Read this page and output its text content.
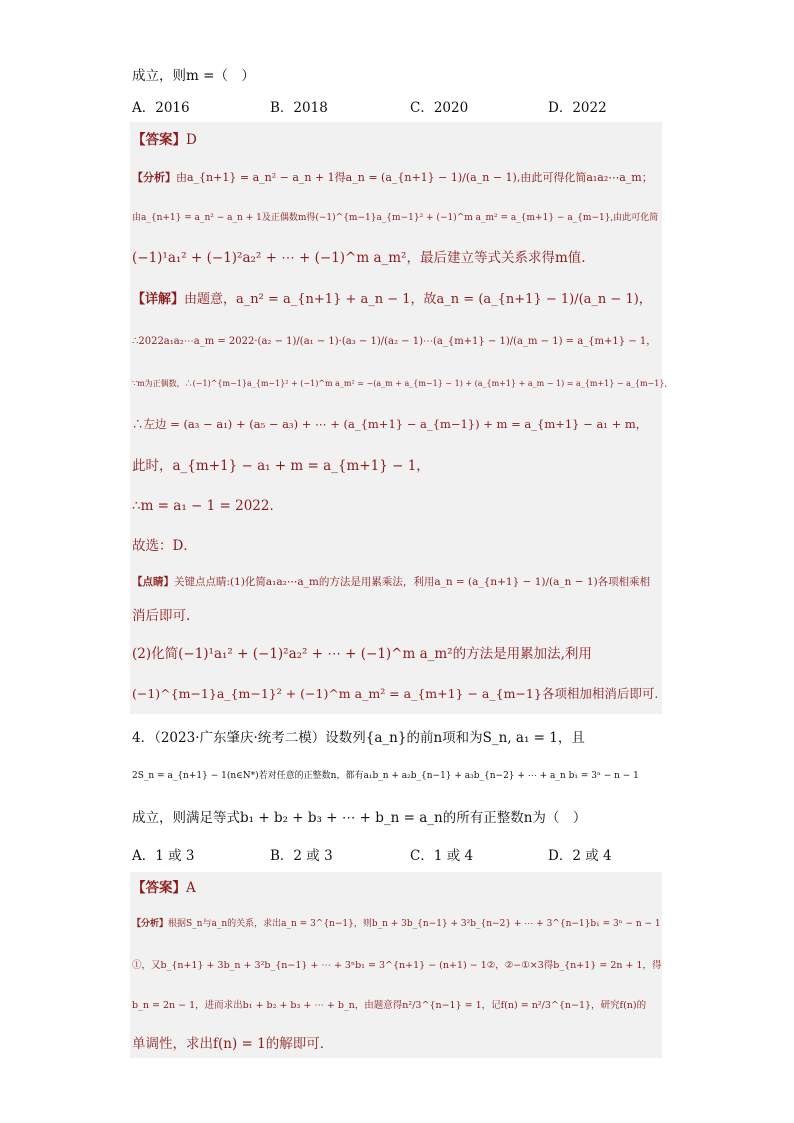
成立，则m =（　）
A．2016	B．2018	C．2020	D．2022
【答案】D
【分析】由a_{n+1} = a_n² − a_n + 1得a_n = (a_{n+1} − 1)/(a_n − 1),由此可得化简a₁a₂⋯a_m；
由a_{n+1} = a_n² − a_n + 1及正偶数m得(−1)^{m−1}a_{m−1}² + (−1)^m a_m² = a_{m+1} − a_{m−1},由此可化简
(−1)¹a₁² + (−1)²a₂² + ⋯ + (−1)^m a_m²，最后建立等式关系求得m值.
【详解】由题意，a_n² = a_{n+1} + a_n − 1，故a_n = (a_{n+1} − 1)/(a_n − 1)，
∴2022a₁a₂⋯a_m = 2022·(a₂ − 1)/(a₁ − 1)·(a₃ − 1)/(a₂ − 1)⋯(a_{m+1} − 1)/(a_m − 1) = a_{m+1} − 1，
∵m为正偶数，∴(−1)^{m−1}a_{m−1}² + (−1)^m a_m² = −(a_m + a_{m−1} − 1) + (a_{m+1} + a_m − 1) = a_{m+1} − a_{m−1}，
∴左边 = (a₃ − a₁) + (a₅ − a₃) + ⋯ + (a_{m+1} − a_{m−1}) + m = a_{m+1} − a₁ + m，
此时，a_{m+1} − a₁ + m = a_{m+1} − 1，
∴m = a₁ − 1 = 2022．
故选：D．
【点睛】关键点点睛:(1)化简a₁a₂⋯a_m的方法是用累乘法，利用a_n = (a_{n+1} − 1)/(a_n − 1)各项相乘相
消后即可.
(2)化简(−1)¹a₁² + (−1)²a₂² + ⋯ + (−1)^m a_m²的方法是用累加法,利用
(−1)^{m−1}a_{m−1}² + (−1)^m a_m² = a_{m+1} − a_{m−1}各项相加相消后即可.
4．（2023·广东肇庆·统考二模）设数列{a_n}的前n项和为S_n, a₁ = 1，且
2S_n = a_{n+1} − 1(n∈N*)若对任意的正整数n，都有a₁b_n + a₂b_{n−1} + a₃b_{n−2} + ⋯ + a_n b₁ = 3ⁿ − n − 1
成立，则满足等式b₁ + b₂ + b₃ + ⋯ + b_n = a_n的所有正整数n为（　）
A．1 或 3	B．2 或 3	C．1 或 4	D．2 或 4
【答案】A
【分析】根据S_n与a_n的关系，求出a_n = 3^{n−1}，则b_n + 3b_{n−1} + 3²b_{n−2} + ⋯ + 3^{n−1}b₁ = 3ⁿ − n − 1
①，又b_{n+1} + 3b_n + 3²b_{n−1} + ⋯ + 3ⁿb₁ = 3^{n+1} − (n+1) − 1②，②−①×3得b_{n+1} = 2n + 1，得
b_n = 2n − 1，进而求出b₁ + b₂ + b₃ + ⋯ + b_n，由题意得n²/3^{n−1} = 1，记f(n) = n²/3^{n−1}，研究f(n)的
单调性，求出f(n) = 1的解即可．
